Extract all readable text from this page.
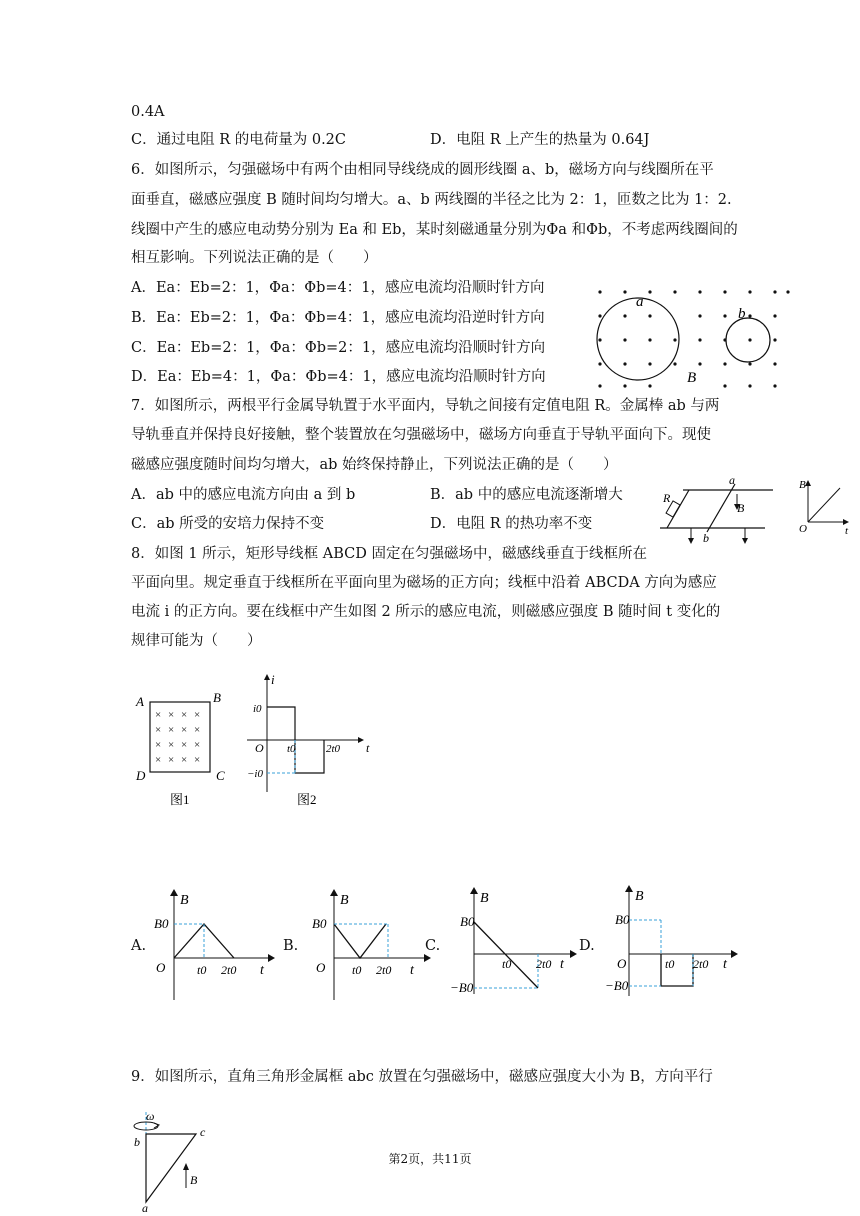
0.4A
C．通过电阻 R 的电荷量为 0.2C	D．电阻 R 上产生的热量为 0.64J
6．如图所示，匀强磁场中有两个由相同导线绕成的圆形线圈 a、b，磁场方向与线圈所在平
面垂直，磁感应强度 B 随时间均匀增大。a、b 两线圈的半径之比为 2：1，匝数之比为 1：2.
线圈中产生的感应电动势分别为 Ea 和 Eb，某时刻磁通量分别为Φa 和Φb，不考虑两线圈间的
相互影响。下列说法正确的是（　　）
A．Ea：Eb=2：1，Φa：Φb=4：1，感应电流均沿顺时针方向
B．Ea：Eb=2：1，Φa：Φb=4：1，感应电流均沿逆时针方向
C．Ea：Eb=2：1，Φa：Φb=2：1，感应电流均沿顺时针方向
D．Ea：Eb=4：1，Φa：Φb=4：1，感应电流均沿顺时针方向
7．如图所示，两根平行金属导轨置于水平面内，导轨之间接有定值电阻 R。金属棒 ab 与两
导轨垂直并保持良好接触，整个装置放在匀强磁场中，磁场方向垂直于导轨平面向下。现使
磁感应强度随时间均匀增大，ab 始终保持静止，下列说法正确的是（　　）
A．ab 中的感应电流方向由 a 到 b	B．ab 中的感应电流逐渐增大
C．ab 所受的安培力保持不变	D．电阻 R 的热功率不变
8．如图 1 所示，矩形导线框 ABCD 固定在匀强磁场中，磁感线垂直于线框所在
平面向里。规定垂直于线框所在平面向里为磁场的正方向；线框中沿着 ABCDA 方向为感应
电流 i 的正方向。要在线框中产生如图 2 所示的感应电流，则磁感应强度 B 随时间 t 变化的
规律可能为（　　）
9．如图所示，直角三角形金属框 abc 放置在匀强磁场中，磁感应强度大小为 B，方向平行
a
b
B
R
a
b
B
B
O	t
× × × ×
× × × ×
× × × ×
× × × ×
A	B
C
D
图1
i
i0
O t0	2t0 t
−i0
图2
A.
B
B0
O	t0 2t0 t
B.
B
B0
O t0 2t0 t
C.
B
B0
t0 2t0 t
−B0
D.
B
B0
O	t0 2t0 t
−B0
ω
b
c
B
a
第2页，共11页
